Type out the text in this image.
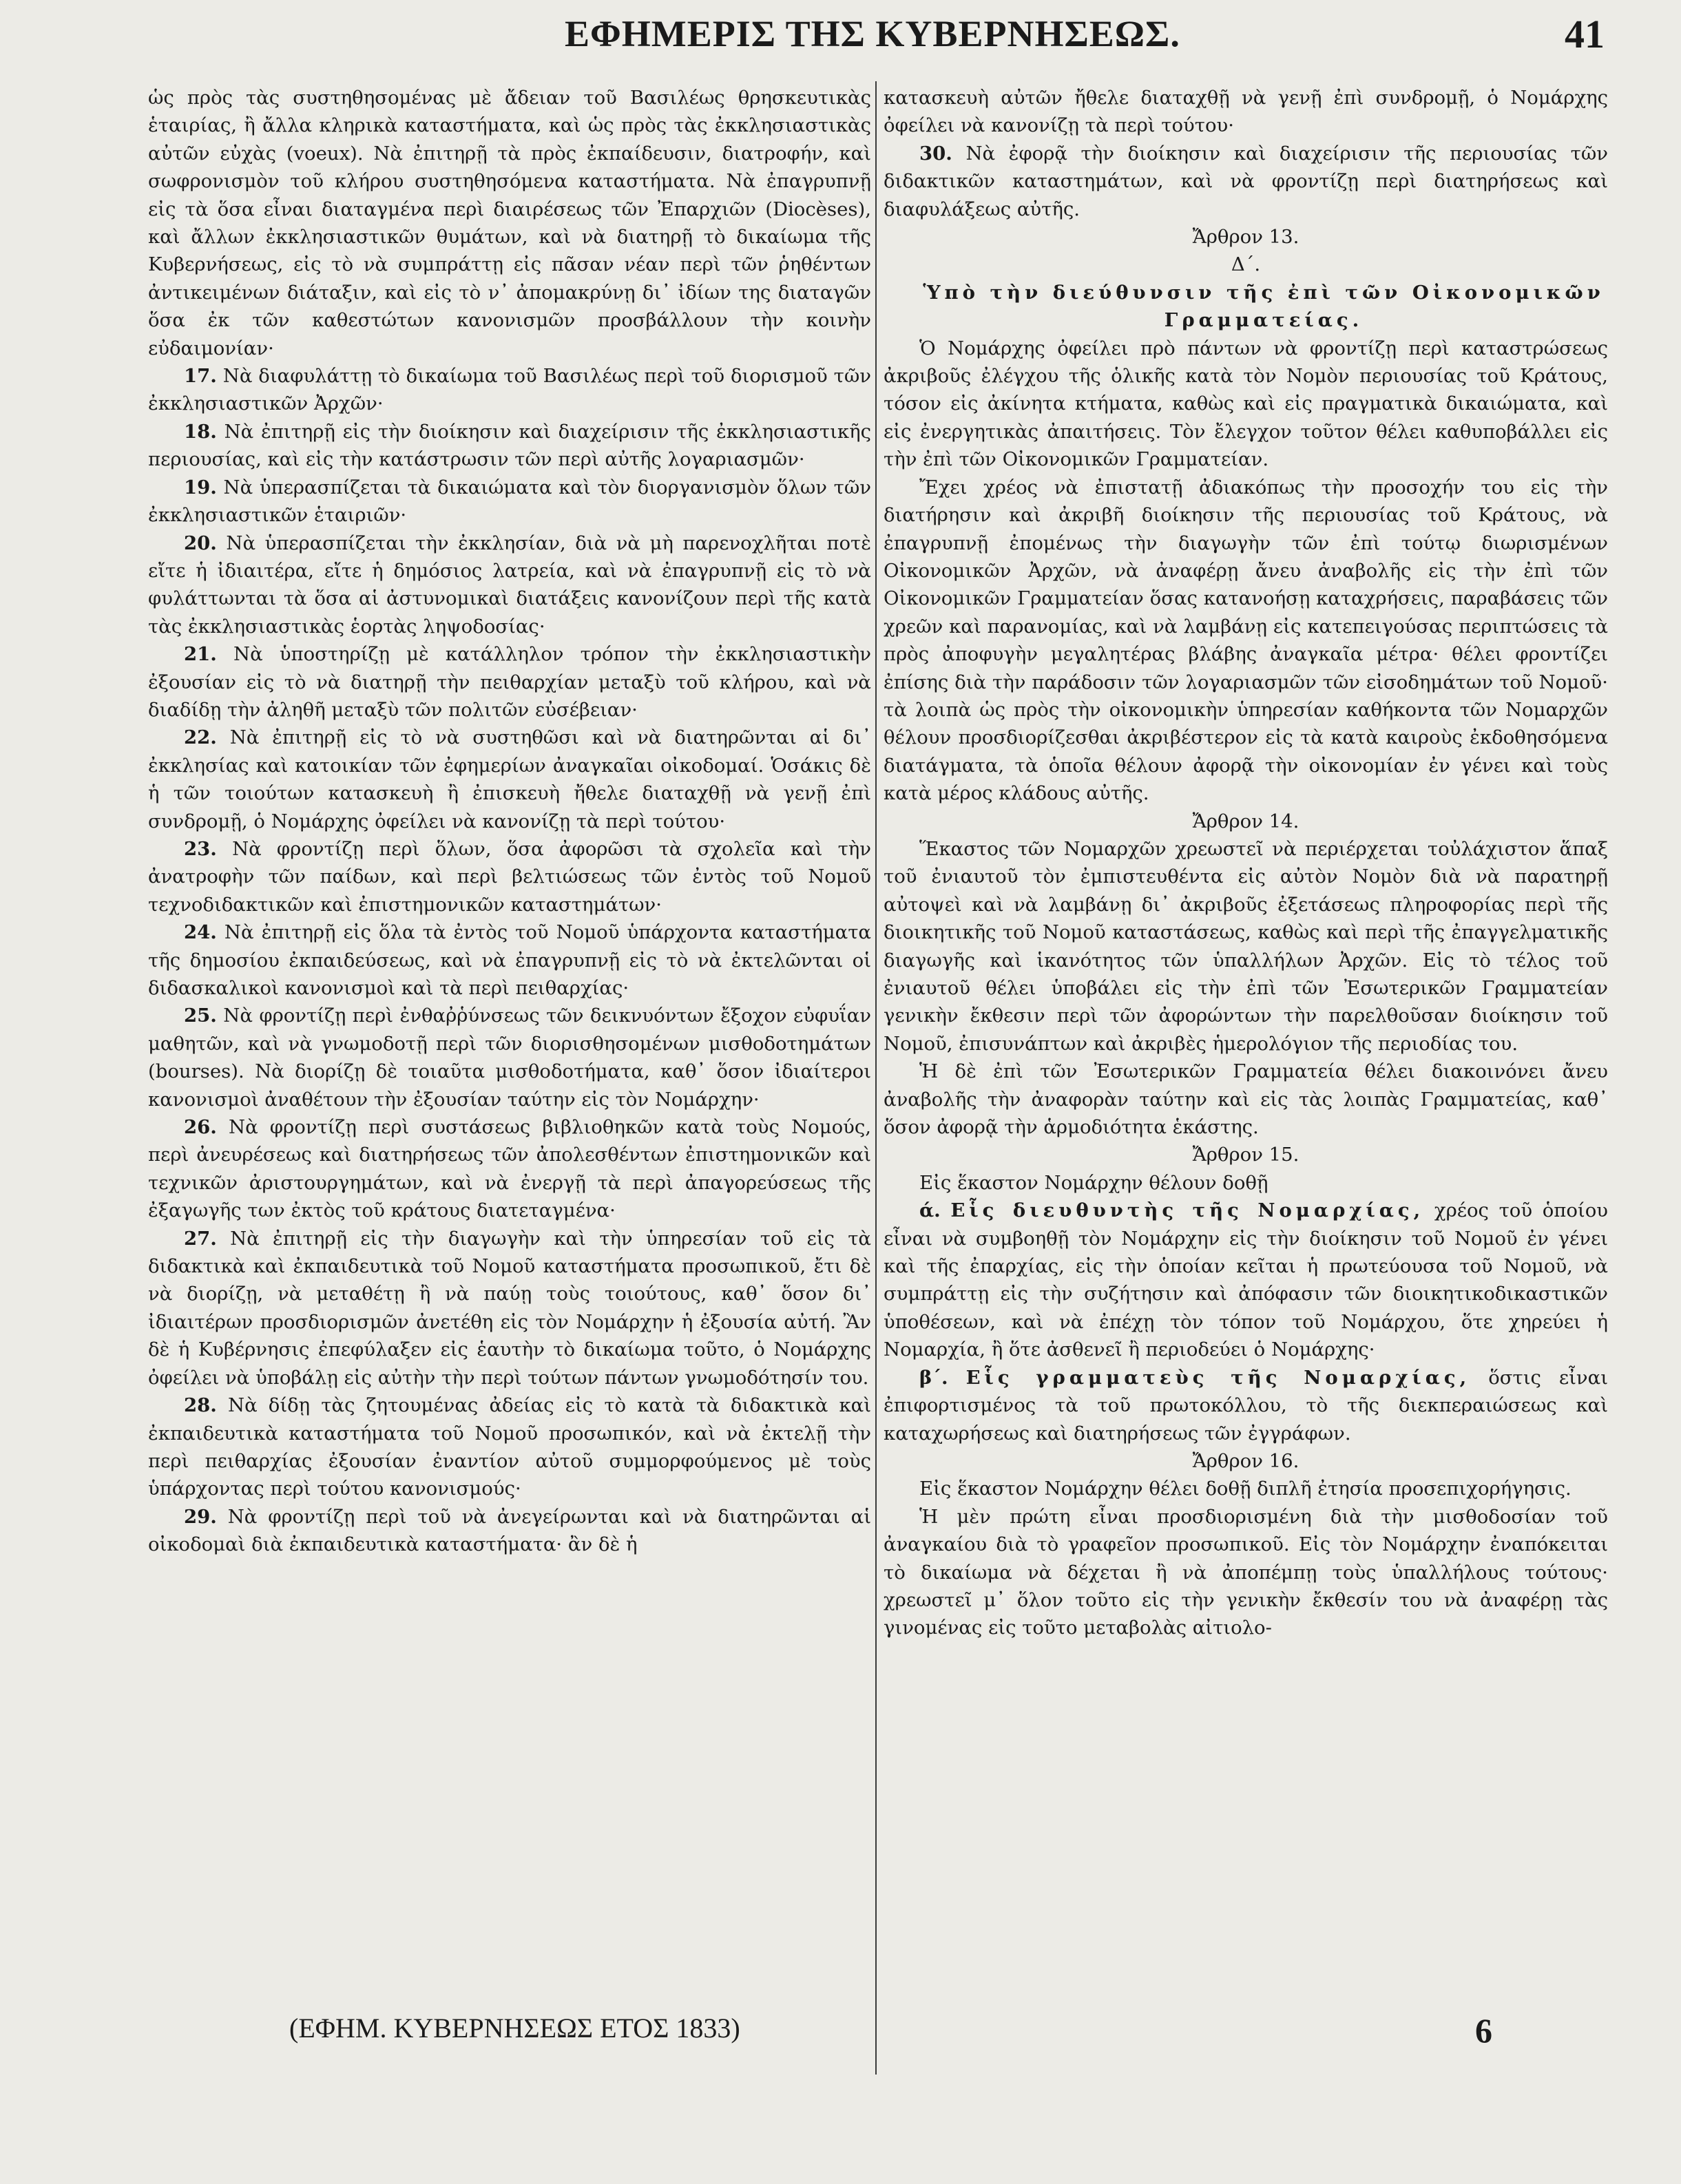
ΕΦΗΜΕΡΙΣ ΤΗΣ ΚΥΒΕΡΝΗΣΕΩΣ.	41

ὡς πρὸς τὰς συστηθησομένας μὲ ἄδειαν τοῦ Βασιλέως θρησκευτικὰς ἑταιρίας, ἢ ἄλλα κληρικὰ καταστήματα, καὶ ὡς πρὸς τὰς ἐκκλησιαστικὰς αὐτῶν εὐχὰς (voeux). Νὰ ἐπιτηρῇ τὰ πρὸς ἐκπαίδευσιν, διατροφήν, καὶ σωφρονισμὸν τοῦ κλήρου συστηθησόμενα καταστήματα. Νὰ ἐπαγρυπνῇ εἰς τὰ ὅσα εἶναι διαταγμένα περὶ διαιρέσεως τῶν Ἐπαρχιῶν (Diocèses), καὶ ἄλλων ἐκκλησιαστικῶν θυμάτων, καὶ νὰ διατηρῇ τὸ δικαίωμα τῆς Κυβερνήσεως, εἰς τὸ νὰ συμπράττῃ εἰς πᾶσαν νέαν περὶ τῶν ῥηθέντων ἀντικειμένων διάταξιν, καὶ εἰς τὸ ν᾽ ἀπομακρύνῃ δι᾽ ἰδίων της διαταγῶν ὅσα ἐκ τῶν καθεστώτων κανονισμῶν προσβάλλουν τὴν κοινὴν εὐδαιμονίαν·

17. Νὰ διαφυλάττῃ τὸ δικαίωμα τοῦ Βασιλέως περὶ τοῦ διορισμοῦ τῶν ἐκκλησιαστικῶν Ἀρχῶν·

18. Νὰ ἐπιτηρῇ εἰς τὴν διοίκησιν καὶ διαχείρισιν τῆς ἐκκλησιαστικῆς περιουσίας, καὶ εἰς τὴν κατάστρωσιν τῶν περὶ αὐτῆς λογαριασμῶν·

19. Νὰ ὑπερασπίζεται τὰ δικαιώματα καὶ τὸν διοργανισμὸν ὅλων τῶν ἐκκλησιαστικῶν ἑταιριῶν·

20. Νὰ ὑπερασπίζεται τὴν ἐκκλησίαν, διὰ νὰ μὴ παρενοχλῆται ποτὲ εἴτε ἡ ἰδιαιτέρα, εἴτε ἡ δημόσιος λατρεία, καὶ νὰ ἐπαγρυπνῇ εἰς τὸ νὰ φυλάττωνται τὰ ὅσα αἱ ἀστυνομικαὶ διατάξεις κανονίζουν περὶ τῆς κατὰ τὰς ἐκκλησιαστικὰς ἑορτὰς ληψοδοσίας·

21. Νὰ ὑποστηρίζῃ μὲ κατάλληλον τρόπον τὴν ἐκκλησιαστικὴν ἐξουσίαν εἰς τὸ νὰ διατηρῇ τὴν πειθαρχίαν μεταξὺ τοῦ κλήρου, καὶ νὰ διαδίδῃ τὴν ἀληθῆ μεταξὺ τῶν πολιτῶν εὐσέβειαν·

22. Νὰ ἐπιτηρῇ εἰς τὸ νὰ συστηθῶσι καὶ νὰ διατηρῶνται αἱ δι᾽ ἐκκλησίας καὶ κατοικίαν τῶν ἐφημερίων ἀναγκαῖαι οἰκοδομαί. Ὁσάκις δὲ ἡ τῶν τοιούτων κατασκευὴ ἢ ἐπισκευὴ ἤθελε διαταχθῇ νὰ γενῇ ἐπὶ συνδρομῇ, ὁ Νομάρχης ὀφείλει νὰ κανονίζῃ τὰ περὶ τούτου·

23. Νὰ φροντίζῃ περὶ ὅλων, ὅσα ἀφορῶσι τὰ σχολεῖα καὶ τὴν ἀνατροφὴν τῶν παίδων, καὶ περὶ βελτιώσεως τῶν ἐντὸς τοῦ Νομοῦ τεχνοδιδακτικῶν καὶ ἐπιστημονικῶν καταστημάτων·

24. Νὰ ἐπιτηρῇ εἰς ὅλα τὰ ἐντὸς τοῦ Νομοῦ ὑπάρχοντα καταστήματα τῆς δημοσίου ἐκπαιδεύσεως, καὶ νὰ ἐπαγρυπνῇ εἰς τὸ νὰ ἐκτελῶνται οἱ διδασκαλικοὶ κανονισμοὶ καὶ τὰ περὶ πειθαρχίας·

25. Νὰ φροντίζῃ περὶ ἐνθαῤῥύνσεως τῶν δεικνυόντων ἔξοχον εὐφυΐαν μαθητῶν, καὶ νὰ γνωμοδοτῇ περὶ τῶν διορισθησομένων μισθοδοτημάτων (bourses). Νὰ διορίζῃ δὲ τοιαῦτα μισθοδοτήματα, καθ᾽ ὅσον ἰδιαίτεροι κανονισμοὶ ἀναθέτουν τὴν ἐξουσίαν ταύτην εἰς τὸν Νομάρχην·

26. Νὰ φροντίζῃ περὶ συστάσεως βιβλιοθηκῶν κατὰ τοὺς Νομούς, περὶ ἀνευρέσεως καὶ διατηρήσεως τῶν ἀπολεσθέντων ἐπιστημονικῶν καὶ τεχνικῶν ἀριστουργημάτων, καὶ νὰ ἐνεργῇ τὰ περὶ ἀπαγορεύσεως τῆς ἐξαγωγῆς των ἐκτὸς τοῦ κράτους διατεταγμένα·

27. Νὰ ἐπιτηρῇ εἰς τὴν διαγωγὴν καὶ τὴν ὑπηρεσίαν τοῦ εἰς τὰ διδακτικὰ καὶ ἐκπαιδευτικὰ τοῦ Νομοῦ καταστήματα προσωπικοῦ, ἔτι δὲ νὰ διορίζῃ, νὰ μεταθέτῃ ἢ νὰ παύῃ τοὺς τοιούτους, καθ᾽ ὅσον δι᾽ ἰδιαιτέρων προσδιορισμῶν ἀνετέθη εἰς τὸν Νομάρχην ἡ ἐξουσία αὐτή. Ἂν δὲ ἡ Κυβέρνησις ἐπεφύλαξεν εἰς ἑαυτὴν τὸ δικαίωμα τοῦτο, ὁ Νομάρχης ὀφείλει νὰ ὑποβάλῃ εἰς αὐτὴν τὴν περὶ τούτων πάντων γνωμοδότησίν του.

28. Νὰ δίδῃ τὰς ζητουμένας ἀδείας εἰς τὸ κατὰ τὰ διδακτικὰ καὶ ἐκπαιδευτικὰ καταστήματα τοῦ Νομοῦ προσωπικόν, καὶ νὰ ἐκτελῇ τὴν περὶ πειθαρχίας ἐξουσίαν ἐναντίον αὐτοῦ συμμορφούμενος μὲ τοὺς ὑπάρχοντας περὶ τούτου κανονισμούς·

29. Νὰ φροντίζῃ περὶ τοῦ νὰ ἀνεγείρωνται καὶ νὰ διατηρῶνται αἱ οἰκοδομαὶ διὰ ἐκπαιδευτικὰ καταστήματα· ἂν δὲ ἡ

κατασκευὴ αὐτῶν ἤθελε διαταχθῇ νὰ γενῇ ἐπὶ συνδρομῇ, ὁ Νομάρχης ὀφείλει νὰ κανονίζῃ τὰ περὶ τούτου·

30. Νὰ ἐφορᾷ τὴν διοίκησιν καὶ διαχείρισιν τῆς περιουσίας τῶν διδακτικῶν καταστημάτων, καὶ νὰ φροντίζῃ περὶ διατηρήσεως καὶ διαφυλάξεως αὐτῆς.

Ἄρθρον 13.

Δ΄.

Ὑπὸ τὴν διεύθυνσιν τῆς ἐπὶ τῶν Οἰκονομικῶν

Γραμματείας.

Ὁ Νομάρχης ὀφείλει πρὸ πάντων νὰ φροντίζῃ περὶ καταστρώσεως ἀκριβοῦς ἐλέγχου τῆς ὁλικῆς κατὰ τὸν Νομὸν περιουσίας τοῦ Κράτους, τόσον εἰς ἀκίνητα κτήματα, καθὼς καὶ εἰς πραγματικὰ δικαιώματα, καὶ εἰς ἐνεργητικὰς ἀπαιτήσεις. Τὸν ἔλεγχον τοῦτον θέλει καθυποβάλλει εἰς τὴν ἐπὶ τῶν Οἰκονομικῶν Γραμματείαν.

Ἔχει χρέος νὰ ἐπιστατῇ ἀδιακόπως τὴν προσοχήν του εἰς τὴν διατήρησιν καὶ ἀκριβῆ διοίκησιν τῆς περιουσίας τοῦ Κράτους, νὰ ἐπαγρυπνῇ ἐπομένως τὴν διαγωγὴν τῶν ἐπὶ τούτῳ διωρισμένων Οἰκονομικῶν Ἀρχῶν, νὰ ἀναφέρῃ ἄνευ ἀναβολῆς εἰς τὴν ἐπὶ τῶν Οἰκονομικῶν Γραμματείαν ὅσας κατανοήσῃ καταχρήσεις, παραβάσεις τῶν χρεῶν καὶ παρανομίας, καὶ νὰ λαμβάνῃ εἰς κατεπειγούσας περιπτώσεις τὰ πρὸς ἀποφυγὴν μεγαλητέρας βλάβης ἀναγκαῖα μέτρα· θέλει φροντίζει ἐπίσης διὰ τὴν παράδοσιν τῶν λογαριασμῶν τῶν εἰσοδημάτων τοῦ Νομοῦ· τὰ λοιπὰ ὡς πρὸς τὴν οἰκονομικὴν ὑπηρεσίαν καθήκοντα τῶν Νομαρχῶν θέλουν προσδιορίζεσθαι ἀκριβέστερον εἰς τὰ κατὰ καιροὺς ἐκδοθησόμενα διατάγματα, τὰ ὁποῖα θέλουν ἀφορᾷ τὴν οἰκονομίαν ἐν γένει καὶ τοὺς κατὰ μέρος κλάδους αὐτῆς.

Ἄρθρον 14.

Ἕκαστος τῶν Νομαρχῶν χρεωστεῖ νὰ περιέρχεται τοὐλάχιστον ἅπαξ τοῦ ἐνιαυτοῦ τὸν ἐμπιστευθέντα εἰς αὐτὸν Νομὸν διὰ νὰ παρατηρῇ αὐτοψεὶ καὶ νὰ λαμβάνῃ δι᾽ ἀκριβοῦς ἐξετάσεως πληροφορίας περὶ τῆς διοικητικῆς τοῦ Νομοῦ καταστάσεως, καθὼς καὶ περὶ τῆς ἐπαγγελματικῆς διαγωγῆς καὶ ἱκανότητος τῶν ὑπαλλήλων Ἀρχῶν. Εἰς τὸ τέλος τοῦ ἐνιαυτοῦ θέλει ὑποβάλει εἰς τὴν ἐπὶ τῶν Ἐσωτερικῶν Γραμματείαν γενικὴν ἔκθεσιν περὶ τῶν ἀφορώντων τὴν παρελθοῦσαν διοίκησιν τοῦ Νομοῦ, ἐπισυνάπτων καὶ ἀκριβὲς ἡμερολόγιον τῆς περιοδίας του.

Ἡ δὲ ἐπὶ τῶν Ἐσωτερικῶν Γραμματεία θέλει διακοινόνει ἄνευ ἀναβολῆς τὴν ἀναφορὰν ταύτην καὶ εἰς τὰς λοιπὰς Γραμματείας, καθ᾽ ὅσον ἀφορᾷ τὴν ἁρμοδιότητα ἑκάστης.

Ἄρθρον 15.

Εἰς ἕκαστον Νομάρχην θέλουν δοθῇ

ά. Εἷς διευθυντὴς τῆς Νομαρχίας, χρέος τοῦ ὁποίου εἶναι νὰ συμβοηθῇ τὸν Νομάρχην εἰς τὴν διοίκησιν τοῦ Νομοῦ ἐν γένει καὶ τῆς ἐπαρχίας, εἰς τὴν ὁποίαν κεῖται ἡ πρωτεύουσα τοῦ Νομοῦ, νὰ συμπράττῃ εἰς τὴν συζήτησιν καὶ ἀπόφασιν τῶν διοικητικοδικαστικῶν ὑποθέσεων, καὶ νὰ ἐπέχῃ τὸν τόπον τοῦ Νομάρχου, ὅτε χηρεύει ἡ Νομαρχία, ἢ ὅτε ἀσθενεῖ ἢ περιοδεύει ὁ Νομάρχης·

β΄. Εἷς γραμματεὺς τῆς Νομαρχίας, ὅστις εἶναι ἐπιφορτισμένος τὰ τοῦ πρωτοκόλλου, τὸ τῆς διεκπεραιώσεως καὶ καταχωρήσεως καὶ διατηρήσεως τῶν ἐγγράφων.

Ἄρθρον 16.

Εἰς ἕκαστον Νομάρχην θέλει δοθῇ διπλῆ ἐτησία προσεπιχορήγησις.

Ἡ μὲν πρώτη εἶναι προσδιορισμένη διὰ τὴν μισθοδοσίαν τοῦ ἀναγκαίου διὰ τὸ γραφεῖον προσωπικοῦ. Εἰς τὸν Νομάρχην ἐναπόκειται τὸ δικαίωμα νὰ δέχεται ἢ νὰ ἀποπέμπῃ τοὺς ὑπαλλήλους τούτους· χρεωστεῖ μ᾽ ὅλον τοῦτο εἰς τὴν γενικὴν ἔκθεσίν του νὰ ἀναφέρῃ τὰς γινομένας εἰς τοῦτο μεταβολὰς αἰτιολο-

(ΕΦΗΜ. ΚΥΒΕΡΝΗΣΕΩΣ ΕΤΟΣ 1833)	6
